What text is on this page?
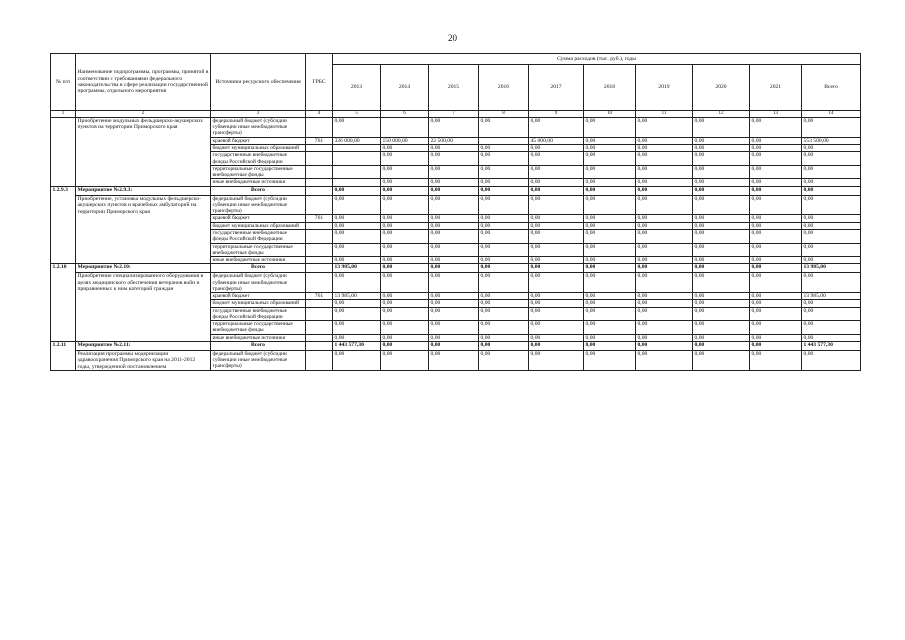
20
№ п/п	Наименование подпрограммы, программы, принятой в соответствии с требованиями федерального законодательства в сфере реализации государственной программы, отдельного мероприятия	Источники ресурсного обеспечения	ГРБС	Сумма расходов (тыс. руб.), годы									
				2013	2014	2015	2016	2017	2018	2019	2020	2021	Всего
1	2	3	4	5	6	7	8	9	10	11	12	13	14
	Приобретение модульных фельдшерско-акушерских пунктов на территории Приморского края	федеральный бюджет (субсидии субвенции иные межбюджетные трансферты)		0,00		0,00	0,00	0,00	0,00	0,00	0,00	0,00	0,00
		краевой бюджет	761	336 000,00	150 000,00	22 500,00		45 000,00	0,00	0,00	0,00	0,00	553 500,00
		бюджет муниципальных образований			0,00	0,00	0,00	0,00	0,00	0,00	0,00	0,00	0,00
		государственные внебюджетные фонды Российской Федерации			0,00	0,00	0,00	0,00	0,00	0,00	0,00	0,00	0,00
		территориальные государственные внебюджетные фонды			0,00	0,00	0,00	0,00	0,00	0,00	0,00	0,00	0,00
		иные внебюджетные источники			0,00	0,00	0,00	0,00	0,00	0,00	0,00	0,00	0,00
1.2.9.3	Мероприятие №2.9.3:	Всего		0,00	0,00	0,00	0,00	0,00	0,00	0,00	0,00	0,00	0,00
	Приобретение, установка модульных фельдшерско-акушерских пунктов и врачебных амбулаторий на территории Приморского края	федеральный бюджет (субсидии субвенции иные межбюджетные трансферты)		0,00	0,00	0,00	0,00	0,00	0,00	0,00	0,00	0,00	0,00
		краевой бюджет	761	0,00	0,00	0,00	0,00	0,00	0,00	0,00	0,00	0,00	0,00
		бюджет муниципальных образований		0,00	0,00	0,00	0,00	0,00	0,00	0,00	0,00	0,00	0,00
		государственные внебюджетные фонды Российской Федерации		0,00	0,00	0,00	0,00	0,00	0,00	0,00	0,00	0,00	0,00
		территориальные государственные внебюджетные фонды		0,00	0,00	0,00	0,00	0,00	0,00	0,00	0,00	0,00	0,00
		иные внебюджетные источники		0,00	0,00	0,00	0,00	0,00	0,00	0,00	0,00	0,00	0,00
1.2.10	Мероприятие №2.10:	Всего		13 985,00	0,00	0,00	0,00	0,00	0,00	0,00	0,00	0,00	13 985,00
	Приобретение специализированного оборудования в целях медицинского обеспечения ветеранов войн и приравненных к ним категорий граждан	федеральный бюджет (субсидии субвенции иные межбюджетные трансферты)		0,00	0,00	0,00	0,00	0,00	0,00	0,00	0,00	0,00	0,00
		краевой бюджет	761	13 985,00	0,00	0,00	0,00	0,00	0,00	0,00	0,00	0,00	13 985,00
		бюджет муниципальных образований		0,00	0,00	0,00	0,00	0,00	0,00	0,00	0,00	0,00	0,00
		государственные внебюджетные фонды Российской Федерации		0,00	0,00	0,00	0,00	0,00	0,00	0,00	0,00	0,00	0,00
		территориальные государственные внебюджетные фонды		0,00	0,00	0,00	0,00	0,00	0,00	0,00	0,00	0,00	0,00
		иные внебюджетные источники		0,00	0,00	0,00	0,00	0,00	0,00	0,00	0,00	0,00	0,00
1.2.11	Мероприятие №2.11:	Всего		1 443 577,30	0,00	0,00	0,00	0,00	0,00	0,00	0,00	0,00	1 443 577,30
	Реализация программы модернизации здравоохранения Приморского края на 2011-2012 годы, утвержденной постановлением	федеральный бюджет (субсидии субвенции иные межбюджетные трансферты)		0,00	0,00	0,00	0,00	0,00	0,00	0,00	0,00	0,00	0,00
